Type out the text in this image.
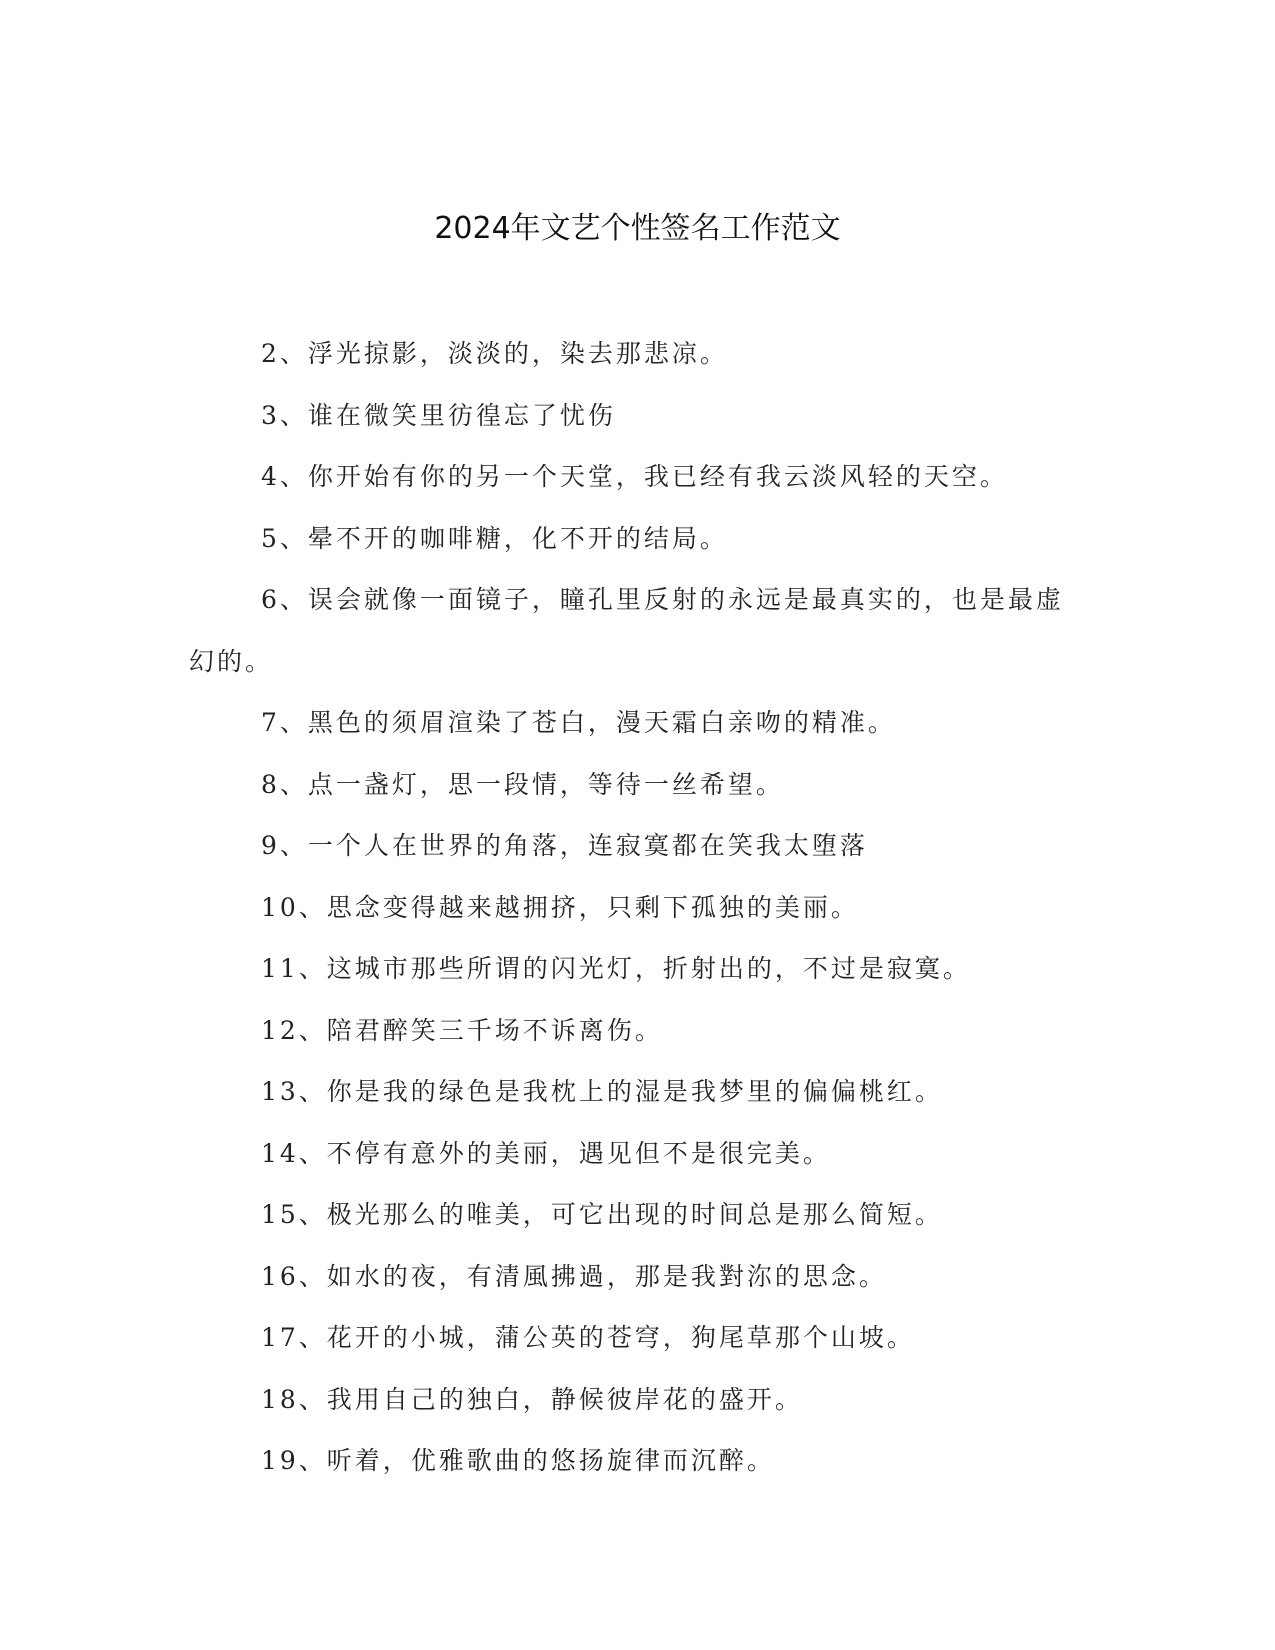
2024年文艺个性签名工作范文

2、浮光掠影，淡淡的，染去那悲凉。

3、谁在微笑里彷徨忘了忧伤

4、你开始有你的另一个天堂，我已经有我云淡风轻的天空。

5、晕不开的咖啡糖，化不开的结局。

6、误会就像一面镜子，瞳孔里反射的永远是最真实的，也是最虚幻的。

7、黑色的须眉渲染了苍白，漫天霜白亲吻的精准。

8、点一盏灯，思一段情，等待一丝希望。

9、一个人在世界的角落，连寂寞都在笑我太堕落

10、思念变得越来越拥挤，只剩下孤独的美丽。

11、这城市那些所谓的闪光灯，折射出的，不过是寂寞。

12、陪君醉笑三千场不诉离伤。

13、你是我的绿色是我枕上的湿是我梦里的偏偏桃红。

14、不停有意外的美丽，遇见但不是很完美。

15、极光那么的唯美，可它出现的时间总是那么简短。

16、如水的夜，有清風拂過，那是我對沵的思念。

17、花开的小城，蒲公英的苍穹，狗尾草那个山坡。

18、我用自己的独白，静候彼岸花的盛开。

19、听着，优雅歌曲的悠扬旋律而沉醉。
